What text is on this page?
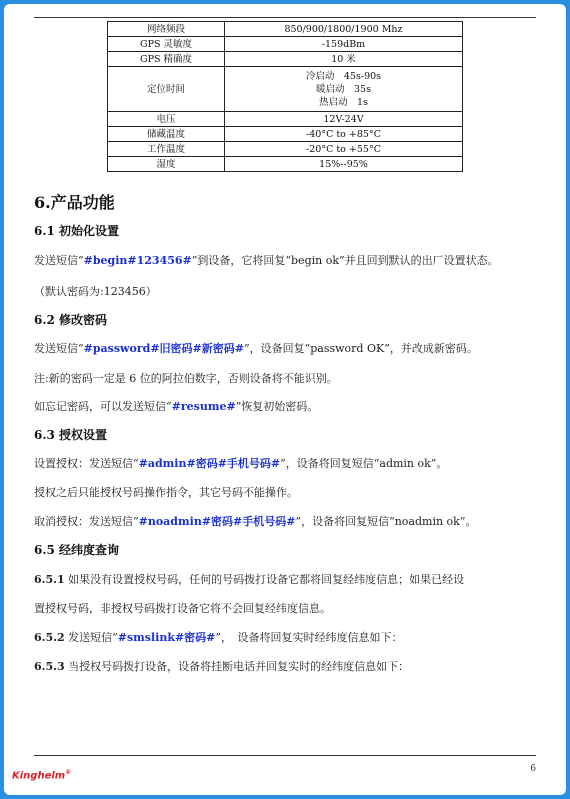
网络频段	850/900/1800/1900 Mhz
GPS 灵敏度	-159dBm
GPS 精确度	10 米
定位时间	冷启动　45s-90s
暖启动　35s
热启动　1s

电压	12V-24V
储藏温度	-40°C to +85°C
工作温度	-20°C to +55°C
湿度	15%--95%
6.产品功能
6.1 初始化设置
发送短信“#begin#123456#”到设备，它将回复“begin ok”并且回到默认的出厂设置状态。
（默认密码为:123456）
6.2 修改密码
发送短信“#password#旧密码#新密码#”，设备回复“password OK”，并改成新密码。
注:新的密码一定是 6 位的阿拉伯数字，否则设备将不能识别。
如忘记密码，可以发送短信“#resume#”恢复初始密码。
6.3 授权设置
设置授权：发送短信“#admin#密码#手机号码#”，设备将回复短信“admin ok”。
授权之后只能授权号码操作指令，其它号码不能操作。
取消授权：发送短信“#noadmin#密码#手机号码#”，设备将回复短信“noadmin ok”。
6.5 经纬度查询
6.5.1 如果没有设置授权号码，任何的号码拨打设备它都将回复经纬度信息；如果已经设
置授权号码，非授权号码拨打设备它将不会回复经纬度信息。
6.5.2 发送短信“#smslink#密码#”，　设备将回复实时经纬度信息如下：
6.5.3 当授权号码拨打设备，设备将挂断电话并回复实时的经纬度信息如下：
Kinghelm®	6
